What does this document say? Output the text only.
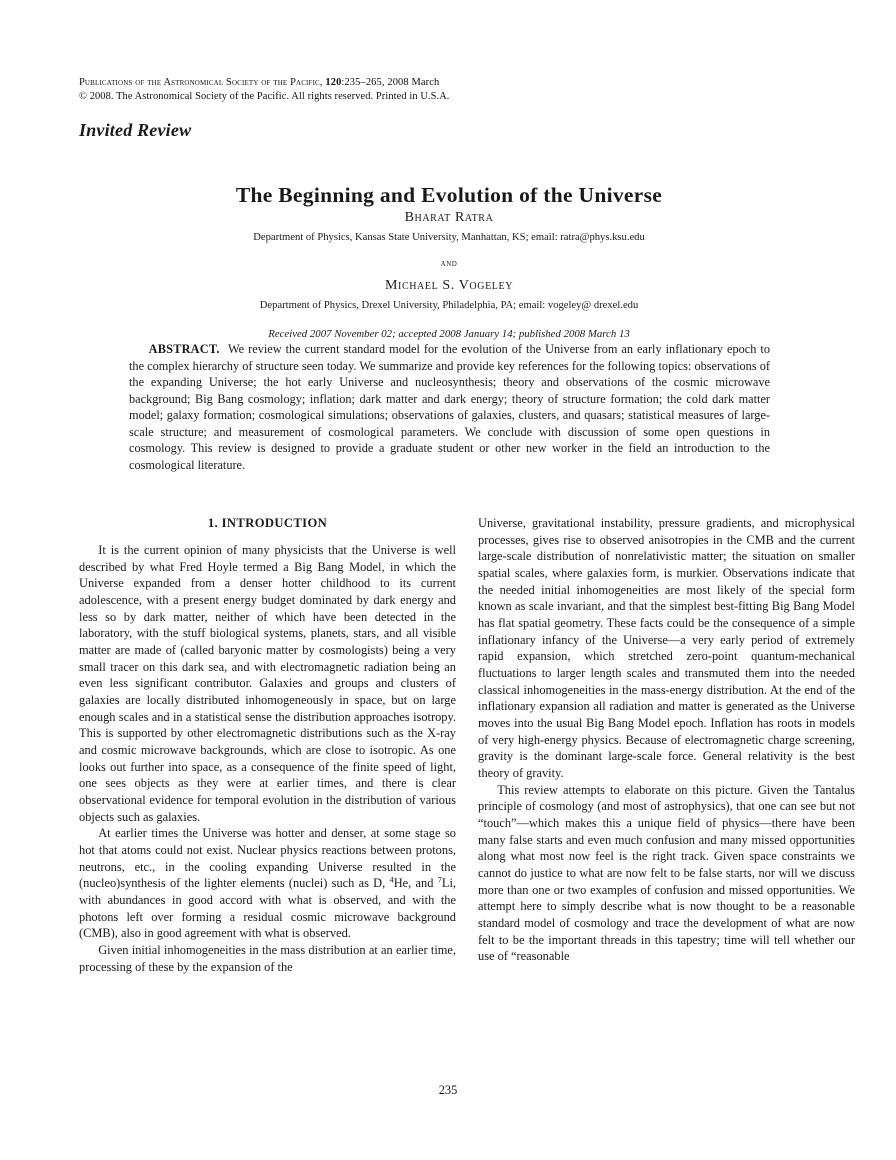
Publications of the Astronomical Society of the Pacific, 120:235–265, 2008 March
© 2008. The Astronomical Society of the Pacific. All rights reserved. Printed in U.S.A.
Invited Review
The Beginning and Evolution of the Universe

Bharat Ratra

Department of Physics, Kansas State University, Manhattan, KS; email: ratra@phys.ksu.edu

and

Michael S. Vogeley

Department of Physics, Drexel University, Philadelphia, PA; email: vogeley@ drexel.edu

Received 2007 November 02; accepted 2008 January 14; published 2008 March 13

ABSTRACT. We review the current standard model for the evolution of the Universe from an early inflationary epoch to the complex hierarchy of structure seen today. We summarize and provide key references for the following topics: observations of the expanding Universe; the hot early Universe and nucleosynthesis; theory and observations of the cosmic microwave background; Big Bang cosmology; inflation; dark matter and dark energy; theory of structure formation; the cold dark matter model; galaxy formation; cosmological simulations; observations of galaxies, clusters, and quasars; statistical measures of large-scale structure; and measurement of cosmological parameters. We conclude with discussion of some open questions in cosmology. This review is designed to provide a graduate student or other new worker in the field an introduction to the cosmological literature.
1. INTRODUCTION

It is the current opinion of many physicists that the Universe is well described by what Fred Hoyle termed a Big Bang Model, in which the Universe expanded from a denser hotter childhood to its current adolescence, with a present energy budget dominated by dark energy and less so by dark matter, neither of which have been detected in the laboratory, with the stuff biological systems, planets, stars, and all visible matter are made of (called baryonic matter by cosmologists) being a very small tracer on this dark sea, and with electromagnetic radiation being an even less significant contributor. Galaxies and groups and clusters of galaxies are locally distributed inhomogeneously in space, but on large enough scales and in a statistical sense the distribution approaches isotropy. This is supported by other electromagnetic distributions such as the X-ray and cosmic microwave backgrounds, which are close to isotropic. As one looks out further into space, as a consequence of the finite speed of light, one sees objects as they were at earlier times, and there is clear observational evidence for temporal evolution in the distribution of various objects such as galaxies.

At earlier times the Universe was hotter and denser, at some stage so hot that atoms could not exist. Nuclear physics reactions between protons, neutrons, etc., in the cooling expanding Universe resulted in the (nucleo)synthesis of the lighter elements (nuclei) such as D, $^4$He, and $^7$Li, with abundances in good accord with what is observed, and with the photons left over forming a residual cosmic microwave background (CMB), also in good agreement with what is observed.

Given initial inhomogeneities in the mass distribution at an earlier time, processing of these by the expansion of the

Universe, gravitational instability, pressure gradients, and microphysical processes, gives rise to observed anisotropies in the CMB and the current large-scale distribution of nonrelativistic matter; the situation on smaller spatial scales, where galaxies form, is murkier. Observations indicate that the needed initial inhomogeneities are most likely of the special form known as scale invariant, and that the simplest best-fitting Big Bang Model has flat spatial geometry. These facts could be the consequence of a simple inflationary infancy of the Universe—a very early period of extremely rapid expansion, which stretched zero-point quantum-mechanical fluctuations to larger length scales and transmuted them into the needed classical inhomogeneities in the mass-energy distribution. At the end of the inflationary expansion all radiation and matter is generated as the Universe moves into the usual Big Bang Model epoch. Inflation has roots in models of very high-energy physics. Because of electromagnetic charge screening, gravity is the dominant large-scale force. General relativity is the best theory of gravity.

This review attempts to elaborate on this picture. Given the Tantalus principle of cosmology (and most of astrophysics), that one can see but not “touch”—which makes this a unique field of physics—there have been many false starts and even much confusion and many missed opportunities along what most now feel is the right track. Given space constraints we cannot do justice to what are now felt to be false starts, nor will we discuss more than one or two examples of confusion and missed opportunities. We attempt here to simply describe what is now thought to be a reasonable standard model of cosmology and trace the development of what are now felt to be the important threads in this tapestry; time will tell whether our use of “reasonable

235
